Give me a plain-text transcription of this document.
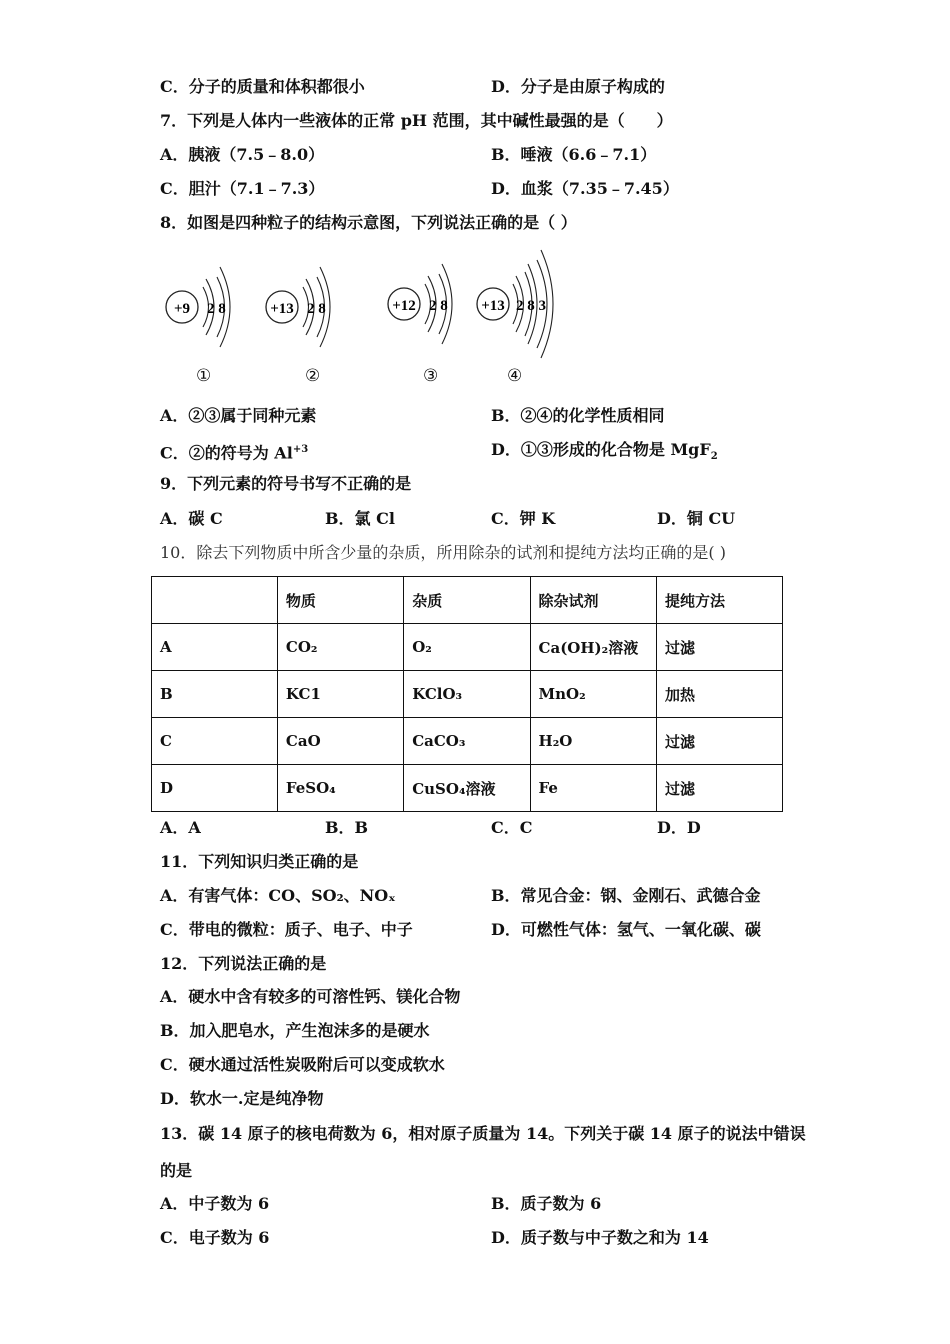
C．分子的质量和体积都很小	D．分子是由原子构成的
7．下列是人体内一些液体的正常 pH 范围，其中碱性最强的是（　　）
A．胰液（7.5﹣8.0）	B．唾液（6.6﹣7.1）
C．胆汁（7.1﹣7.3）	D．血浆（7.35﹣7.45）
8．如图是四种粒子的结构示意图，下列说法正确的是（ ）
+9 2 8
①
+13 2 8
②
+12 2 8
③
+13 2 8 3
④
A．②③属于同种元素	B．②④的化学性质相同
C．②的符号为 $Al^{+3}$	D．①③形成的化合物是 MgF$_2$
9．下列元素的符号书写不正确的是
A．碳 C	B．氯 Cl	C．钾 K	D．铜 CU
10．除去下列物质中所含少量的杂质，所用除杂的试剂和提纯方法均正确的是( )
	物质	杂质	除杂试剂	提纯方法
A	CO₂	O₂	Ca(OH)₂溶液	过滤
B	KC1	KClO₃	MnO₂	加热
C	CaO	CaCO₃	H₂O	过滤
D	FeSO₄	CuSO₄溶液	Fe	过滤
A．A	B．B	C．C	D．D
11．下列知识归类正确的是
A．有害气体：CO、SO₂、NOₓ	B．常见合金：钢、金刚石、武德合金
C．带电的微粒：质子、电子、中子	D．可燃性气体：氢气、一氧化碳、碳
12．下列说法正确的是
A．硬水中含有较多的可溶性钙、镁化合物
B．加入肥皂水，产生泡沫多的是硬水
C．硬水通过活性炭吸附后可以变成软水
D．软水一.定是纯净物
13．碳 14 原子的核电荷数为 6，相对原子质量为 14。下列关于碳 14 原子的说法中错误
的是
A．中子数为 6	B．质子数为 6
C．电子数为 6	D．质子数与中子数之和为 14
